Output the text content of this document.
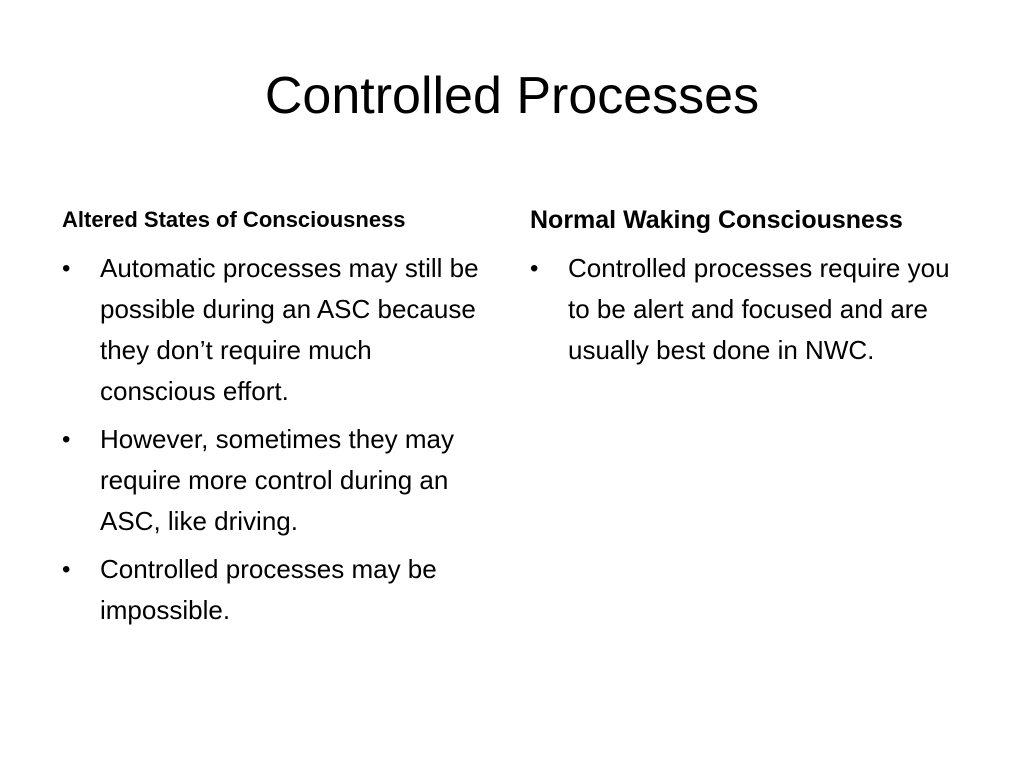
Controlled Processes

Altered States of Consciousness

•	Automatic processes may still be possible during an ASC because they don’t require much conscious effort.
•	However, sometimes they may require more control during an ASC, like driving.
•	Controlled processes may be impossible.

Normal Waking Consciousness

•	Controlled processes require you to be alert and focused and are usually best done in NWC.
